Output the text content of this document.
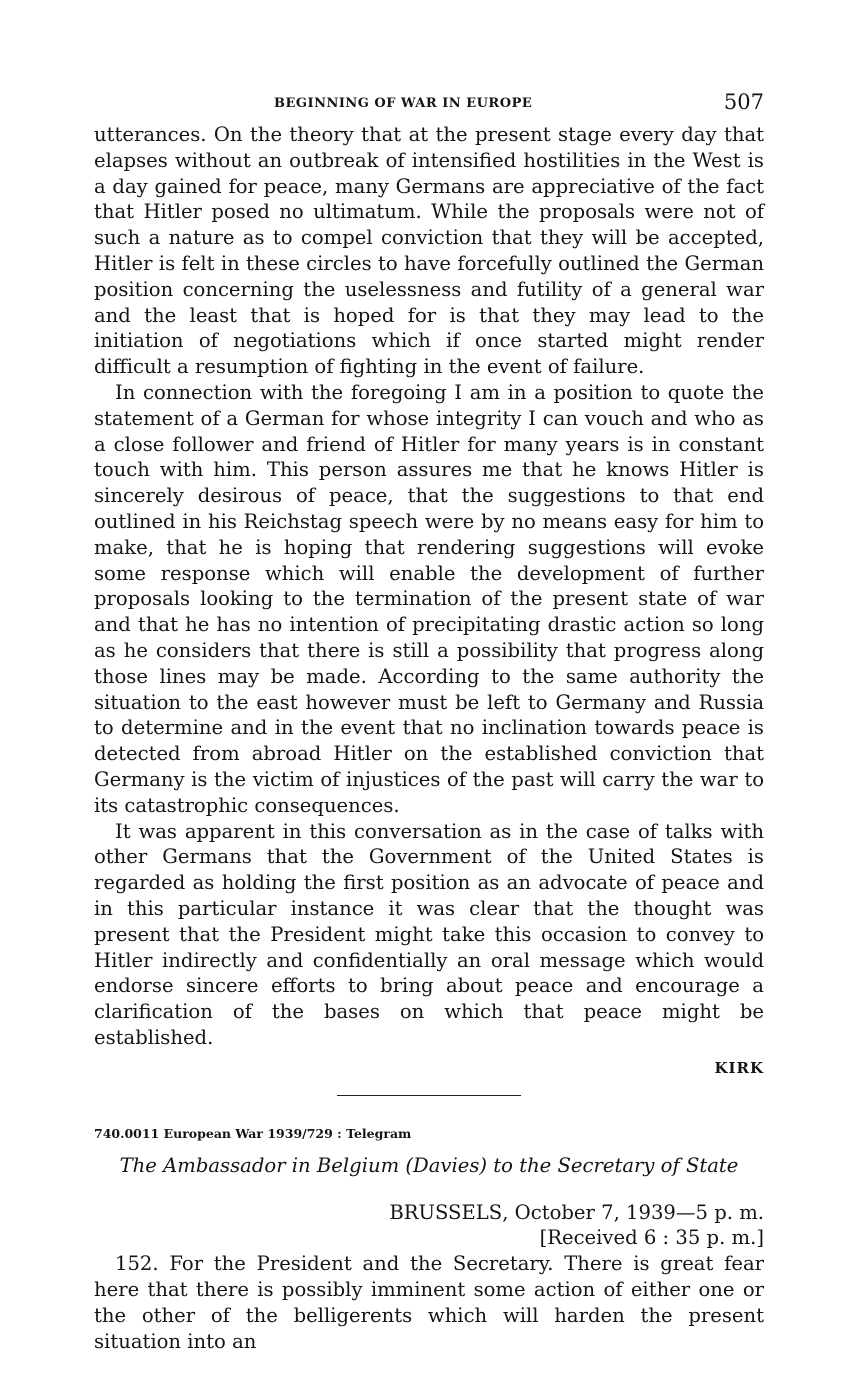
BEGINNING OF WAR IN EUROPE	507

utterances. On the theory that at the present stage every day that elapses without an outbreak of intensified hostilities in the West is a day gained for peace, many Germans are appreciative of the fact that Hitler posed no ultimatum. While the proposals were not of such a nature as to compel conviction that they will be accepted, Hitler is felt in these circles to have forcefully outlined the German position concerning the uselessness and futility of a general war and the least that is hoped for is that they may lead to the initiation of negotiations which if once started might render difficult a resumption of fighting in the event of failure.

In connection with the foregoing I am in a position to quote the statement of a German for whose integrity I can vouch and who as a close follower and friend of Hitler for many years is in constant touch with him. This person assures me that he knows Hitler is sincerely desirous of peace, that the suggestions to that end outlined in his Reichstag speech were by no means easy for him to make, that he is hoping that rendering suggestions will evoke some response which will enable the development of further proposals looking to the termination of the present state of war and that he has no intention of precipitating drastic action so long as he considers that there is still a possibility that progress along those lines may be made. According to the same authority the situation to the east however must be left to Germany and Russia to determine and in the event that no inclination towards peace is detected from abroad Hitler on the established conviction that Germany is the victim of injustices of the past will carry the war to its catastrophic consequences.

It was apparent in this conversation as in the case of talks with other Germans that the Government of the United States is regarded as holding the first position as an advocate of peace and in this particular instance it was clear that the thought was present that the President might take this occasion to convey to Hitler indirectly and confidentially an oral message which would endorse sincere efforts to bring about peace and encourage a clarification of the bases on which that peace might be established.

KIRK
740.0011 European War 1939/729 : Telegram
The Ambassador in Belgium (Davies) to the Secretary of State
BRUSSELS, October 7, 1939—5 p. m.
[Received 6 : 35 p. m.]

152. For the President and the Secretary. There is great fear here that there is possibly imminent some action of either one or the other of the belligerents which will harden the present situation into an
